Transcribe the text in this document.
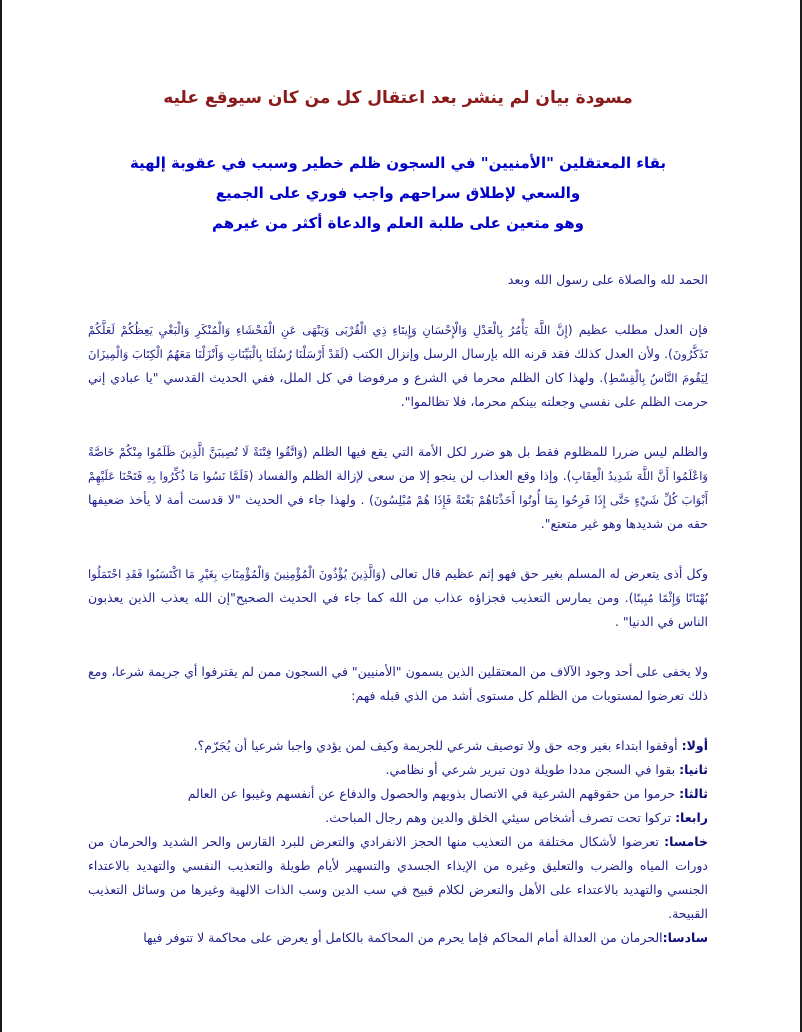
مسودة بيان لم ينشر بعد اعتقال كل من كان سيوقع عليه
بقاء المعتقلين "الأمنيين" في السجون ظلم خطير وسبب في عقوبة إلهية
والسعي لإطلاق سراحهم واجب فوري على الجميع
وهو متعين على طلبة العلم والدعاة أكثر من غيرهم

الحمد لله والصلاة على رسول الله وبعد

فإن العدل مطلب عظيم (إِنَّ اللَّهَ يَأْمُرُ بِالْعَدْلِ وَالْإِحْسَانِ وَإِيتَاءِ ذِي الْقُرْبَى وَيَنْهَى عَنِ الْفَحْشَاءِ وَالْمُنْكَرِ وَالْبَغْيِ يَعِظُكُمْ لَعَلَّكُمْ تَذَكَّرُونَ). ولأن العدل كذلك فقد قرنه الله بإرسال الرسل وإنزال الكتب (لَقَدْ أَرْسَلْنَا رُسُلَنَا بِالْبَيِّنَاتِ وَأَنْزَلْنَا مَعَهُمُ الْكِتَابَ وَالْمِيزَانَ لِيَقُومَ النَّاسُ بِالْقِسْطِ). ولهذا كان الظلم محرما في الشرع و مرفوضا في كل الملل، ففي الحديث القدسي "يا عبادي إني حرمت الظلم على نفسي وجعلته بينكم محرما، فلا تظالموا".

والظلم ليس ضررا للمظلوم فقط بل هو ضرر لكل الأمة التي يقع فيها الظلم (وَاتَّقُوا فِتْنَةً لَا تُصِيبَنَّ الَّذِينَ ظَلَمُوا مِنْكُمْ خَاصَّةً وَاعْلَمُوا أَنَّ اللَّهَ شَدِيدُ الْعِقَابِ). وإذا وقع العذاب لن ينجو إلا من سعى لإزالة الظلم والفساد (فَلَمَّا نَسُوا مَا ذُكِّرُوا بِهِ فَتَحْنَا عَلَيْهِمْ أَبْوَابَ كُلِّ شَيْءٍ حَتَّى إِذَا فَرِحُوا بِمَا أُوتُوا أَخَذْنَاهُمْ بَغْتَةً فَإِذَا هُمْ مُبْلِسُونَ) . ولهذا جاء في الحديث "لا قدست أمة لا يأخذ ضعيفها حقه من شديدها وهو غير متعتع".

وكل أذى يتعرض له المسلم بغير حق فهو إثم عظيم قال تعالى (وَالَّذِينَ يُؤْذُونَ الْمُؤْمِنِينَ وَالْمُؤْمِنَاتِ بِغَيْرِ مَا اكْتَسَبُوا فَقَدِ احْتَمَلُوا بُهْتَانًا وَإِثْمًا مُبِينًا). ومن يمارس التعذيب فجزاؤه عذاب من الله كما جاء في الحديث الصحيح"إن الله يعذب الذين يعذبون الناس في الدنيا" .

ولا يخفى على أحد وجود الآلاف من المعتقلين الذين يسمون "الأمنيين" في السجون ممن لم يقترفوا أي جريمة شرعا، ومع ذلك تعرضوا لمستويات من الظلم كل مستوى أشد من الذي قبله فهم:

أولا: أوقفوا ابتداء بغير وجه حق ولا توصيف شرعي للجريمة وكيف لمن يؤدي واجبا شرعيا أن يُجَرّم؟.

ثانيا: بقوا في السجن مددا طويلة دون تبرير شرعي أو نظامي.

ثالثا: حرموا من حقوقهم الشرعية في الاتصال بذويهم والحصول والدفاع عن أنفسهم وغيبوا عن العالم

رابعا: تركوا تحت تصرف أشخاص سيئي الخلق والدين وهم رجال المباحث.

خامسا: تعرضوا لأشكال مختلفة من التعذيب منها الحجز الانفرادي والتعرض للبرد القارس والحر الشديد والحرمان من دورات المياه والضرب والتعليق وغيره من الإيذاء الجسدي والتسهير لأيام طويلة والتعذيب النفسي والتهديد بالاعتداء الجنسي والتهديد بالاعتداء على الأهل والتعرض لكلام قبيح في سب الدين وسب الذات الالهية وغيرها من وسائل التعذيب القبيحة.

سادسا:الحرمان من العدالة أمام المحاكم فإما يحرم من المحاكمة بالكامل أو يعرض على محاكمة لا تتوفر فيها
